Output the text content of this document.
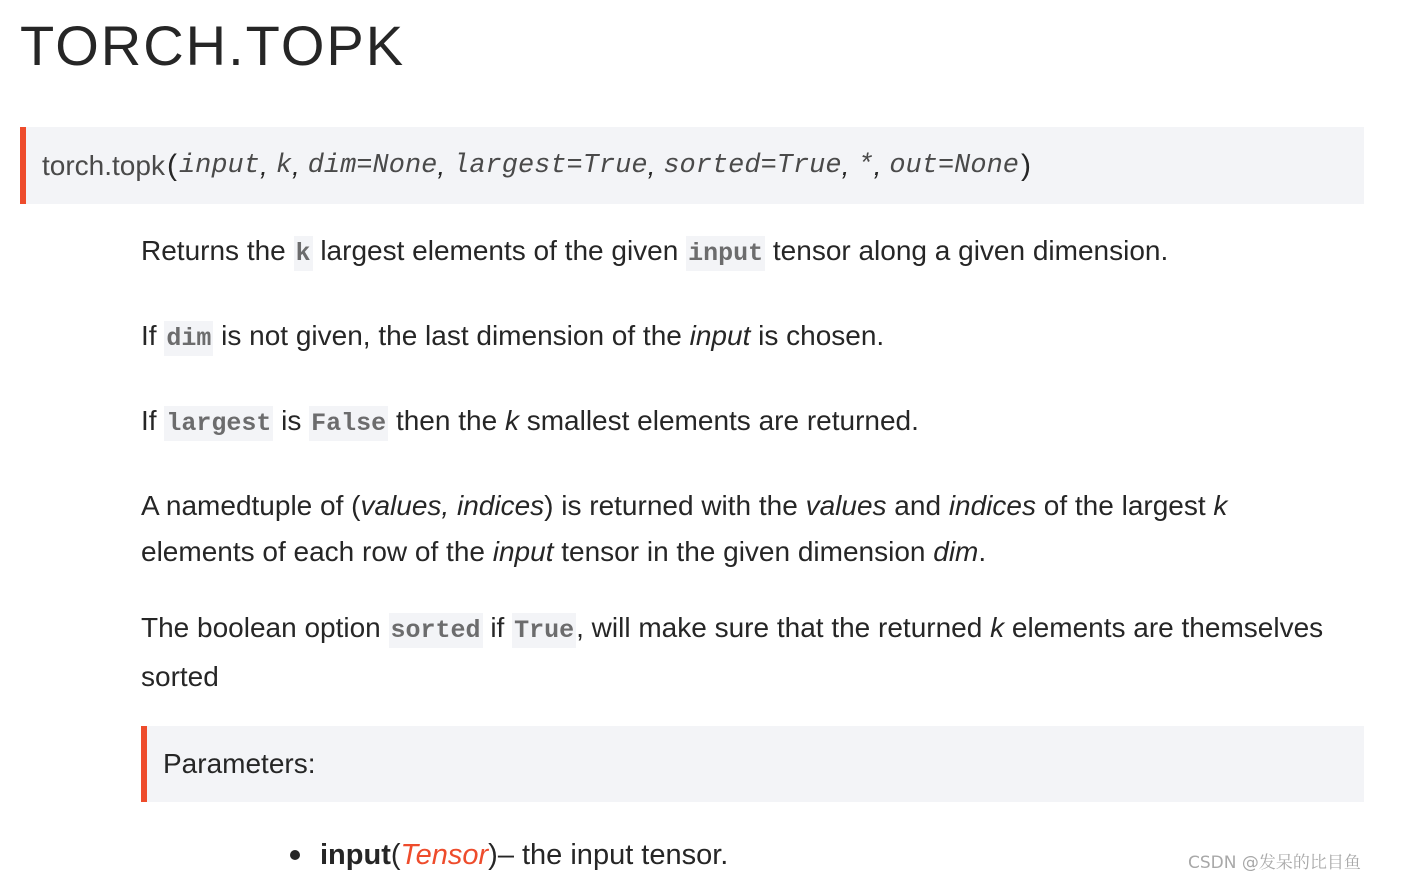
TORCH.TOPK
torch.topk ( input , k , dim=None , largest=True , sorted=True , * , out=None )

Returns the k largest elements of the given input tensor along a given dimension.

If dim is not given, the last dimension of the input is chosen.

If largest is False then the k smallest elements are returned.

A namedtuple of (values, indices) is returned with the values and indices of the largest k elements of each row of the input tensor in the given dimension dim.

The boolean option sorted if True, will make sure that the returned k elements are themselves sorted

Parameters:
input ( Tensor ) – the input tensor.	CSDN @发呆的比目鱼
